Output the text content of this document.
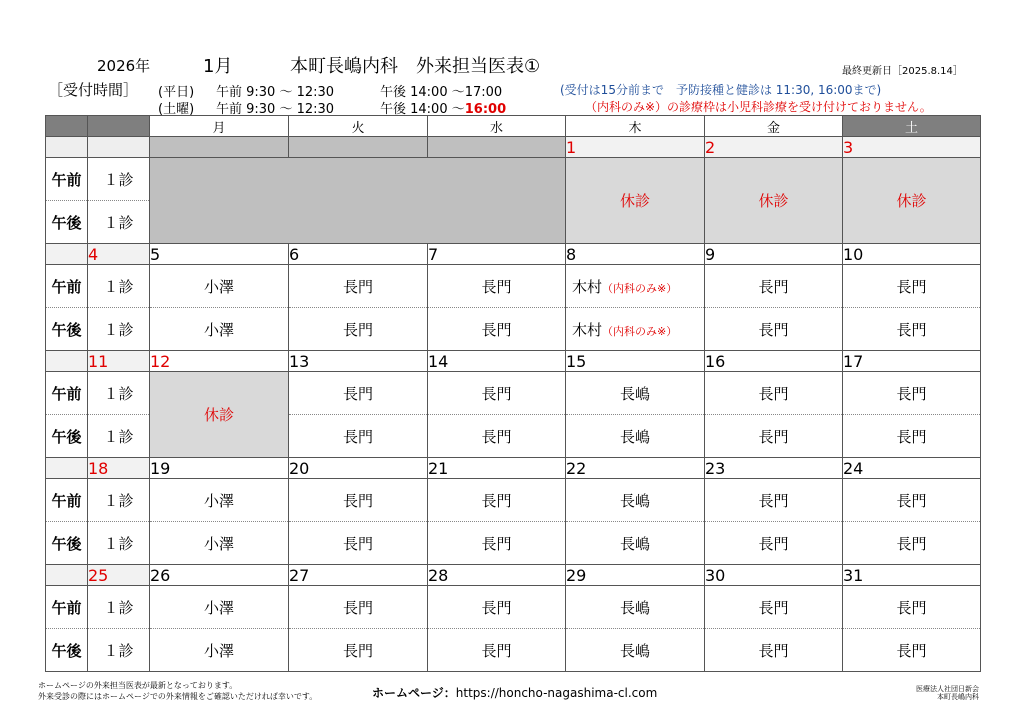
2026年	1月	本町長嶋内科　外来担当医表①	最終更新日［2025.8.14］
［受付時間］ (平日) 午前 9:30 ～ 12:30	午後 14:00 ～17:00	(受付は15分前まで　予防接種と健診は 11:30, 16:00まで)
(土曜) 午前 9:30 ～ 12:30	午後 14:00 ～16:00	（内科のみ※）の診療枠は小児科診療を受け付けておりません。
		月	火	水	木	金	土
					1	2	3
午前	１診				休診	休診	休診
午後	１診						
	4	5	6	7	8	9	10
午前	１診	小澤	長門	長門	木村（内科のみ※）	長門	長門
午後	１診	小澤	長門	長門	木村（内科のみ※）	長門	長門
	11	12	13	14	15	16	17
午前	１診	休診	長門	長門	長嶋	長門	長門
午後	１診		長門	長門	長嶋	長門	長門
	18	19	20	21	22	23	24
午前	１診	小澤	長門	長門	長嶋	長門	長門
午後	１診	小澤	長門	長門	長嶋	長門	長門
	25	26	27	28	29	30	31
午前	１診	小澤	長門	長門	長嶋	長門	長門
午後	１診	小澤	長門	長門	長嶋	長門	長門
ホームページの外来担当医表が最新となっております。
外来受診の際にはホームページでの外来情報をご確認いただければ幸いです。	ホームページ：https://honcho-nagashima-cl.com	医療法人社団日新会
本町長嶋内科
